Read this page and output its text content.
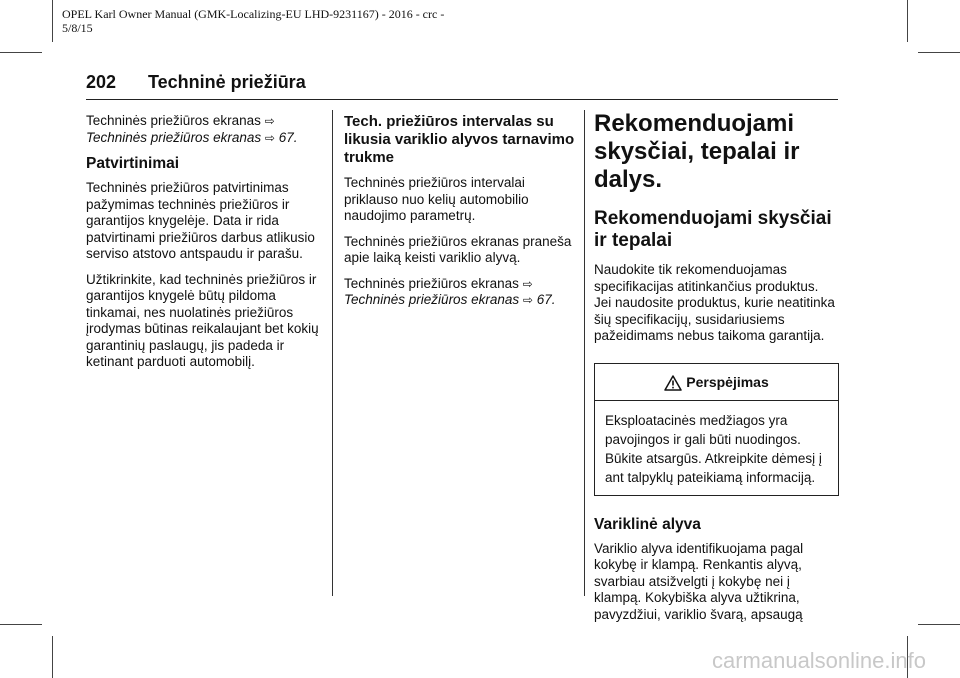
OPEL Karl Owner Manual (GMK-Localizing-EU LHD-9231167) - 2016 - crc -
5/8/15
202 Techninė priežiūra

Techninės priežiūros ekranas ⇨
Techninės priežiūros ekranas ⇨ 67.

Patvirtinimai

Techninės priežiūros patvirtinimas pažymimas techninės priežiūros ir garantijos knygelėje. Data ir rida patvirtinami priežiūros darbus atlikusio serviso atstovo antspaudu ir parašu.

Užtikrinkite, kad techninės priežiūros ir garantijos knygelė būtų pildoma tinkamai, nes nuolatinės priežiūros įrodymas būtinas reikalaujant bet kokių garantinių paslaugų, jis padeda ir ketinant parduoti automobilį.

Tech. priežiūros intervalas su likusia variklio alyvos tarnavimo trukme

Techninės priežiūros intervalai priklauso nuo kelių automobilio naudojimo parametrų.

Techninės priežiūros ekranas praneša apie laiką keisti variklio alyvą.

Techninės priežiūros ekranas ⇨
Techninės priežiūros ekranas ⇨ 67.

Rekomenduojami skysčiai, tepalai ir dalys.
Rekomenduojami skysčiai ir tepalai

Naudokite tik rekomenduojamas specifikacijas atitinkančius produktus. Jei naudosite produktus, kurie neatitinka šių specifikacijų, susidariusiems pažeidimams nebus taikoma garantija.

Perspėjimas
Eksploatacinės medžiagos yra pavojingos ir gali būti nuodingos. Būkite atsargūs. Atkreipkite dėmesį į ant talpyklų pateikiamą informaciją.
Variklinė alyva

Variklio alyva identifikuojama pagal kokybę ir klampą. Renkantis alyvą, svarbiau atsižvelgti į kokybę nei į klampą. Kokybiška alyva užtikrina, pavyzdžiui, variklio švarą, apsaugą

carmanualsonline.info
